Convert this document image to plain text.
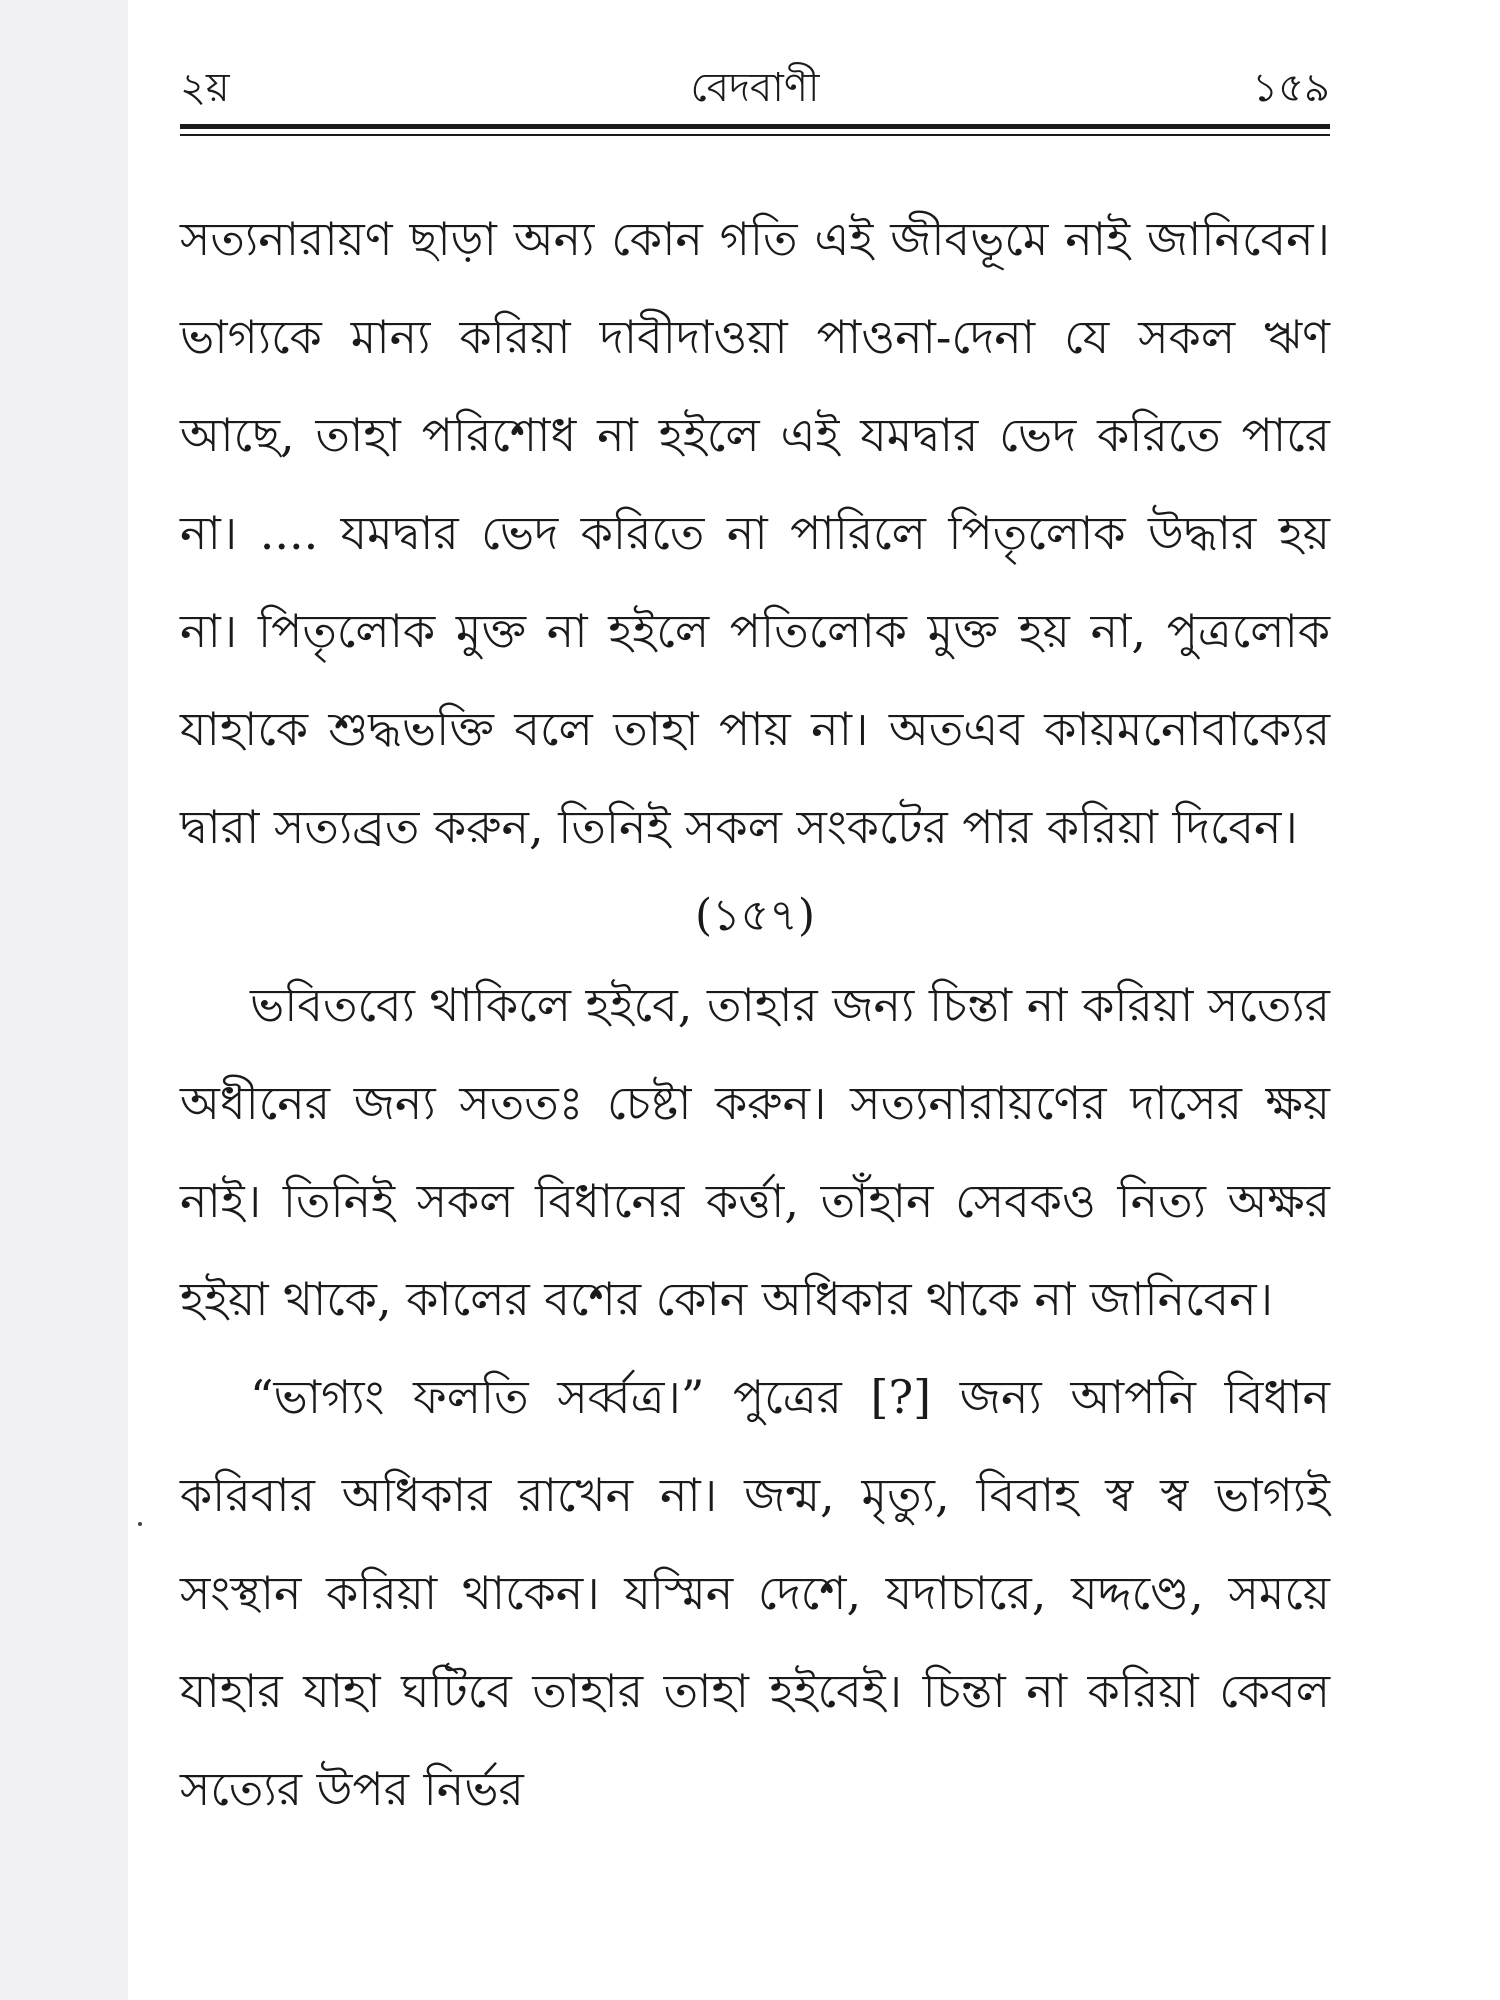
২য়	বেদবাণী	১৫৯

সত্যনারায়ণ ছাড়া অন্য কোন গতি এই জীবভূমে নাই জানিবেন। ভাগ্যকে মান্য করিয়া দাবীদাওয়া পাওনা-দেনা যে সকল ঋণ আছে, তাহা পরিশোধ না হইলে এই যমদ্বার ভেদ করিতে পারে না। .... যমদ্বার ভেদ করিতে না পারিলে পিতৃলোক উদ্ধার হয় না। পিতৃলোক মুক্ত না হইলে পতিলোক মুক্ত হয় না, পুত্রলোক যাহাকে শুদ্ধভক্তি বলে তাহা পায় না। অতএব কায়মনোবাক্যের দ্বারা সত্যব্রত করুন, তিনিই সকল সংকটের পার করিয়া দিবেন।

(১৫৭)

ভবিতব্যে থাকিলে হইবে, তাহার জন্য চিন্তা না করিয়া সত্যের অধীনের জন্য সততঃ চেষ্টা করুন। সত্যনারায়ণের দাসের ক্ষয় নাই। তিনিই সকল বিধানের কর্ত্তা, তাঁহান সেবকও নিত্য অক্ষর হইয়া থাকে, কালের বশের কোন অধিকার থাকে না জানিবেন।

“ভাগ্যং ফলতি সর্ব্বত্র।” পুত্রের [?] জন্য আপনি বিধান করিবার অধিকার রাখেন না। জন্ম, মৃত্যু, বিবাহ স্ব স্ব ভাগ্যই সংস্থান করিয়া থাকেন। যস্মিন দেশে, যদাচারে, যদ্দণ্ডে, সময়ে যাহার যাহা ঘটিবে তাহার তাহা হইবেই। চিন্তা না করিয়া কেবল সত্যের উপর নির্ভর
